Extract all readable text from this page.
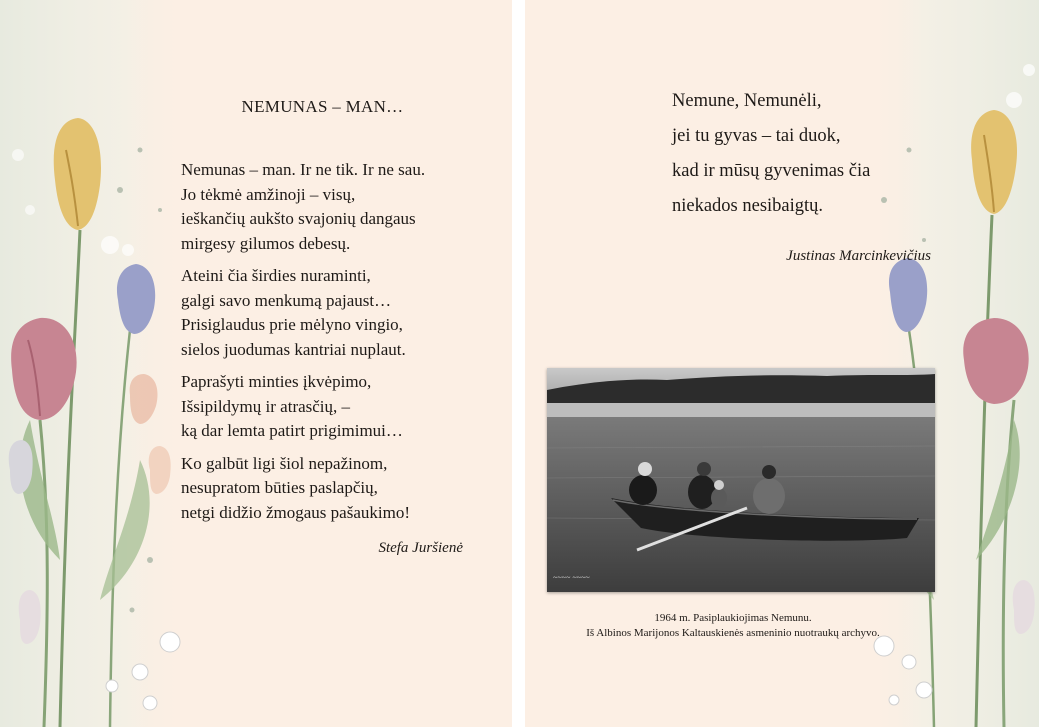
NEMUNAS – MAN…

Nemunas – man. Ir ne tik. Ir ne sau.
Jo tėkmė amžinoji – visų,
ieškančių aukšto svajonių dangaus
mirgesy gilumos debesų.

Ateini čia širdies nuraminti,
galgi savo menkumą pajaust…
Prisiglaudus prie mėlyno vingio,
sielos juodumas kantriai nuplaut.

Paprašyti minties įkvėpimo,
Išsipildymų ir atrasčių, –
ką dar lemta patirt prigimimui…

Ko galbūt ligi šiol nepažinom,
nesupratom būties paslapčių,
netgi didžio žmogaus pašaukimo!

Stefa Juršienė
Nemune, Nemunėli,
jei tu gyvas – tai duok,
kad ir mūsų gyvenimas čia
niekados nesibaigtų.
Justinas Marcinkevičius
~~~~ ~~~~
1964 m. Pasiplaukiojimas Nemunu.
Iš Albinos Marijonos Kaltauskienės asmeninio nuotraukų archyvo.
